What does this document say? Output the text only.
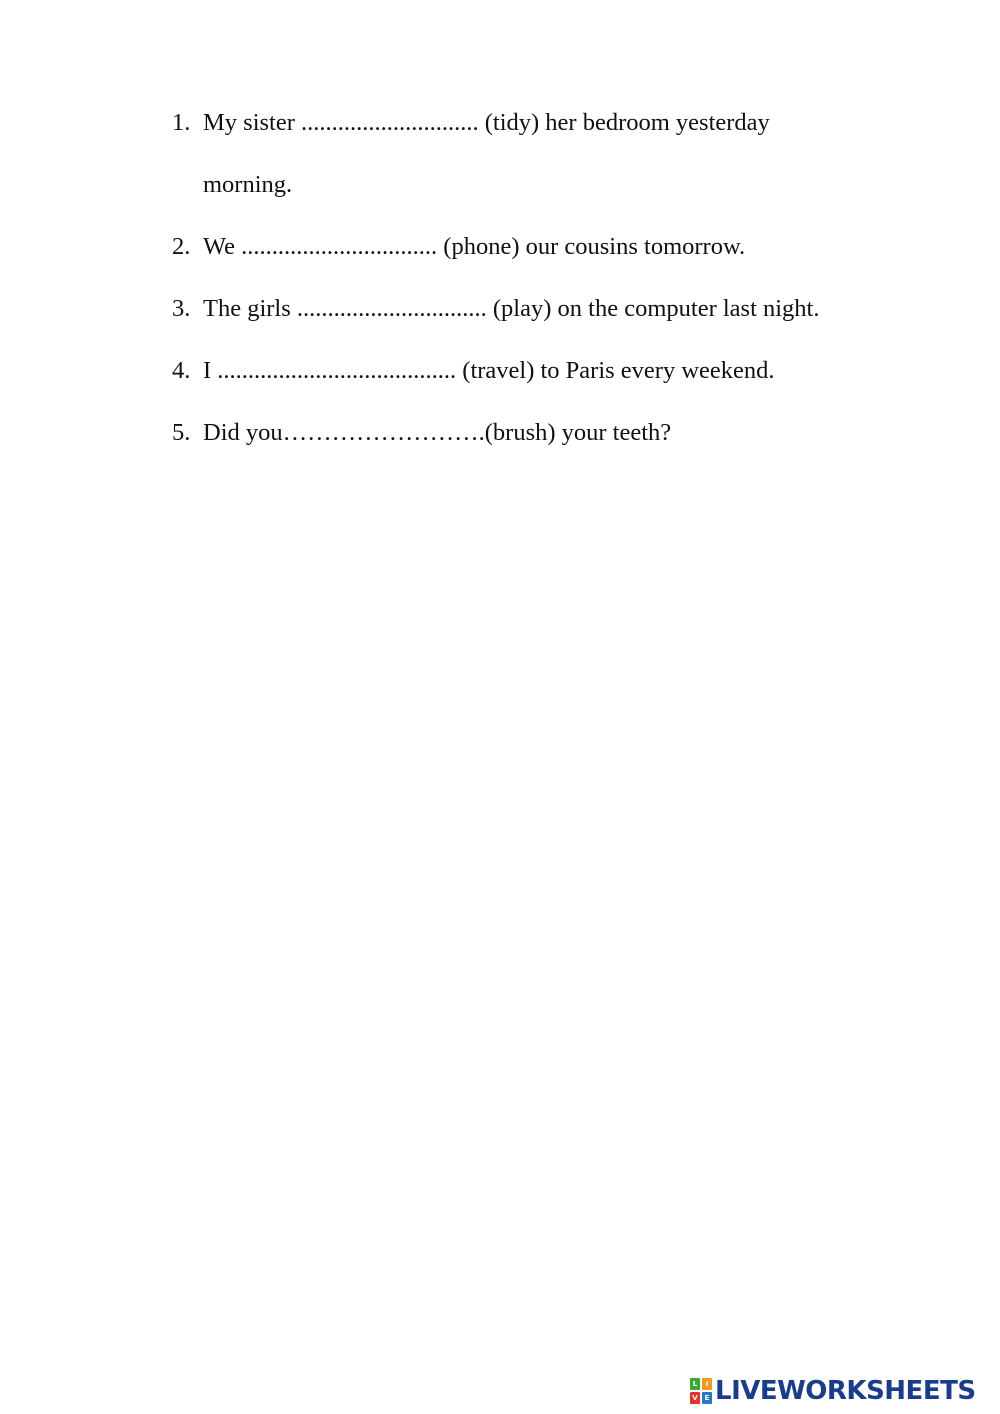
1. My sister ............................. (tidy) her bedroom yesterday
morning.
2. We ................................ (phone) our cousins tomorrow.
3. The girls ............................... (play) on the computer last night.
4. I ....................................... (travel) to Paris every weekend.
5. Did you…………………….(brush) your teeth?
L	I
V E LIVEWORKSHEETS
